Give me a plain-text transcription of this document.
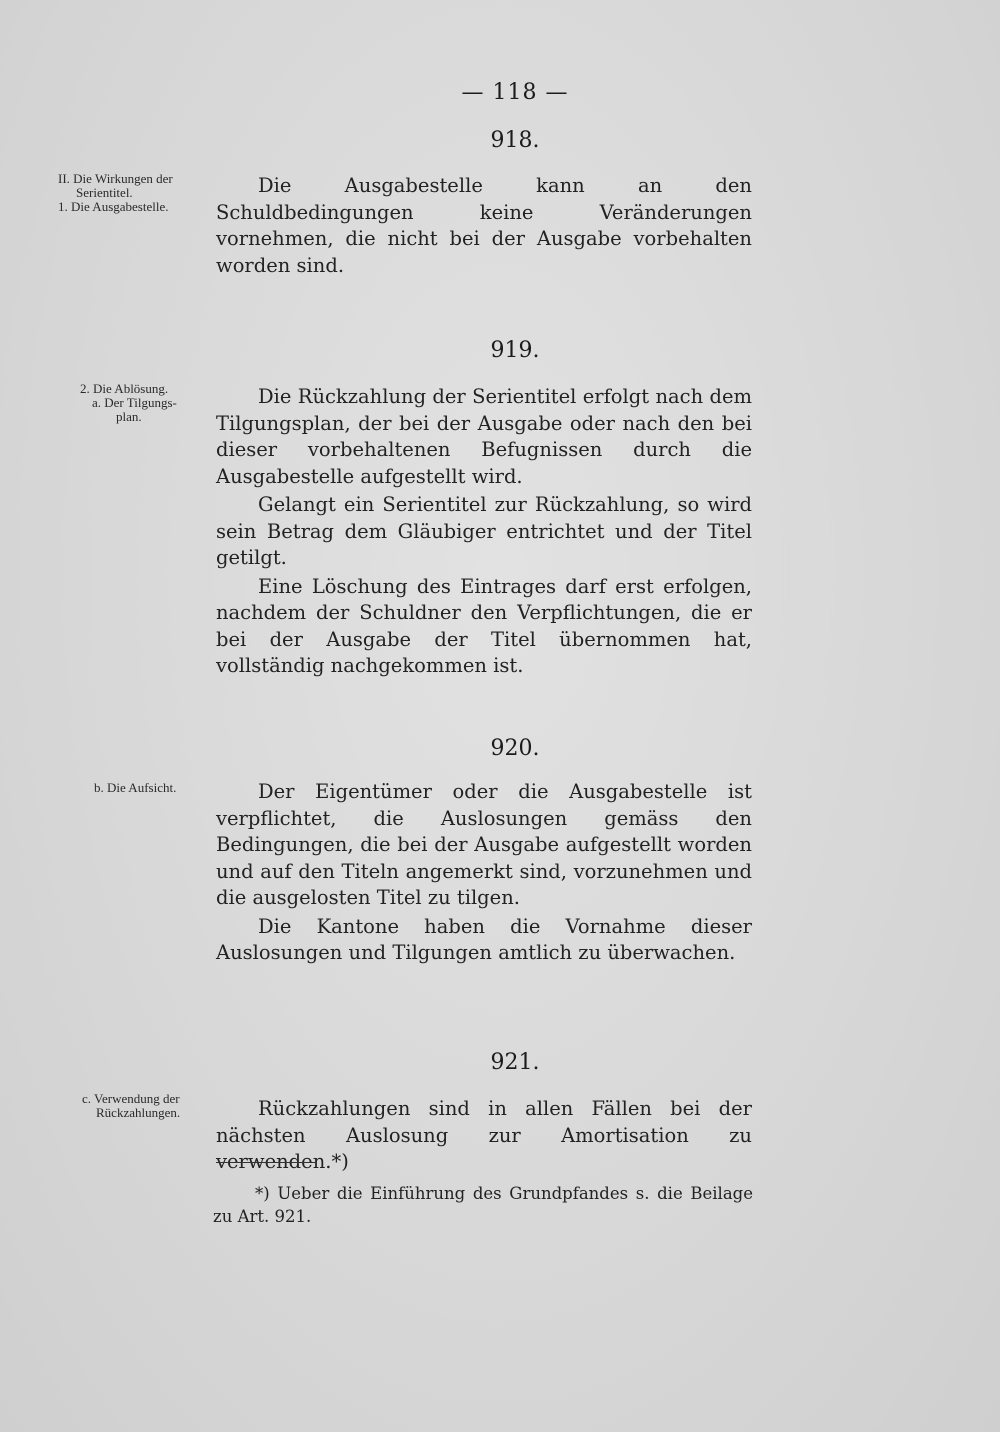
— 118 —
918.
II. Die Wirkungen der
Serientitel.
1. Die Ausgabestelle.

Die Ausgabestelle kann an den Schuldbedingungen keine Veränderungen vornehmen, die nicht bei der Ausgabe vorbehalten worden sind.

919.
2. Die Ablösung.
a. Der Tilgungs-
plan.

Die Rückzahlung der Serientitel erfolgt nach dem Tilgungsplan, der bei der Ausgabe oder nach den bei dieser vorbehaltenen Befugnissen durch die Ausgabestelle aufgestellt wird.

Gelangt ein Serientitel zur Rückzahlung, so wird sein Betrag dem Gläubiger entrichtet und der Titel getilgt.

Eine Löschung des Eintrages darf erst erfolgen, nachdem der Schuldner den Verpflichtungen, die er bei der Ausgabe der Titel übernommen hat, vollständig nachgekommen ist.

920.
b. Die Aufsicht.	Der Eigentümer oder die Ausgabestelle ist verpflichtet, die Auslosungen gemäss den Bedingungen, die bei der Ausgabe aufgestellt worden und auf den Titeln angemerkt sind, vorzunehmen und die ausgelosten Titel zu tilgen.

Die Kantone haben die Vornahme dieser Auslosungen und Tilgungen amtlich zu überwachen.

921.
c. Verwendung der
Rückzahlungen.	Rückzahlungen sind in allen Fällen bei der nächsten Auslosung zur Amortisation zu verwenden.*)

*) Ueber die Einführung des Grundpfandes s. die Beilage zu Art. 921.
